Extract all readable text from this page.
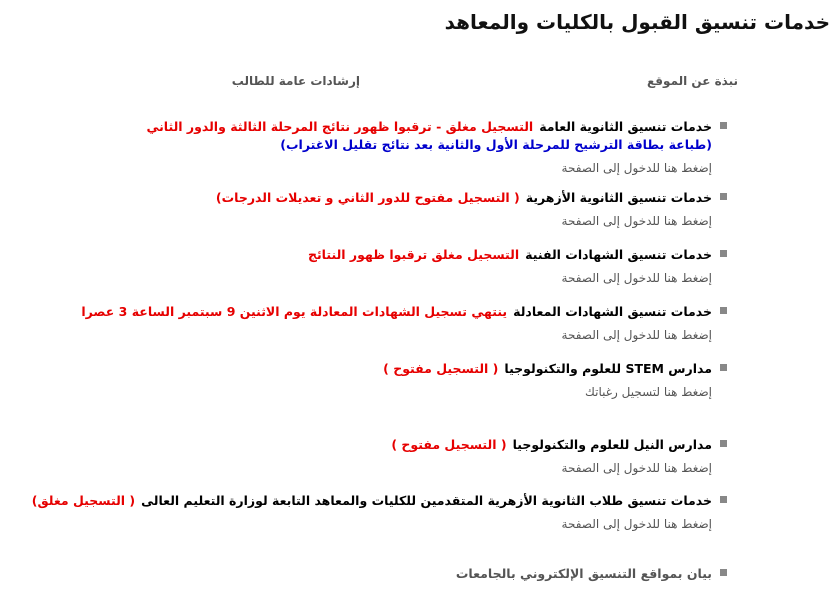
خدمات تنسيق القبول بالكليات والمعاهد
نبذة عن الموقع
إرشادات عامة للطالب
خدمات تنسيق الثانوية العامةالتسجيل مغلق - ترقبوا ظهور نتائج المرحلة الثالثة والدور الثاني
(طباعة بطاقة الترشيح للمرحلة الأول والثانية بعد نتائج تقليل الاغتراب)
إضغط هنا للدخول إلى الصفحة
خدمات تنسيق الثانوية الأزهرية( التسجيل مفتوح للدور الثاني و تعديلات الدرجات)
إضغط هنا للدخول إلى الصفحة
خدمات تنسيق الشهادات الفنيةالتسجيل مغلق ترقبوا ظهور النتائج
إضغط هنا للدخول إلى الصفحة
خدمات تنسيق الشهادات المعادلةينتهي تسجيل الشهادات المعادلة يوم الاثنين 9 سبتمبر الساعة 3 عصرا
إضغط هنا للدخول إلى الصفحة
مدارس STEM للعلوم والتكنولوجيا( التسجيل مفتوح )
إضغط هنا لتسجيل رغباتك
مدارس النيل للعلوم والتكنولوجيا( التسجيل مفتوح )
إضغط هنا للدخول إلى الصفحة
خدمات تنسيق طلاب الثانوية الأزهرية المتقدمين للكليات والمعاهد التابعة لوزارة التعليم العالى( التسجيل مغلق)
إضغط هنا للدخول إلى الصفحة
بيان بمواقع التنسيق الإلكتروني بالجامعات
